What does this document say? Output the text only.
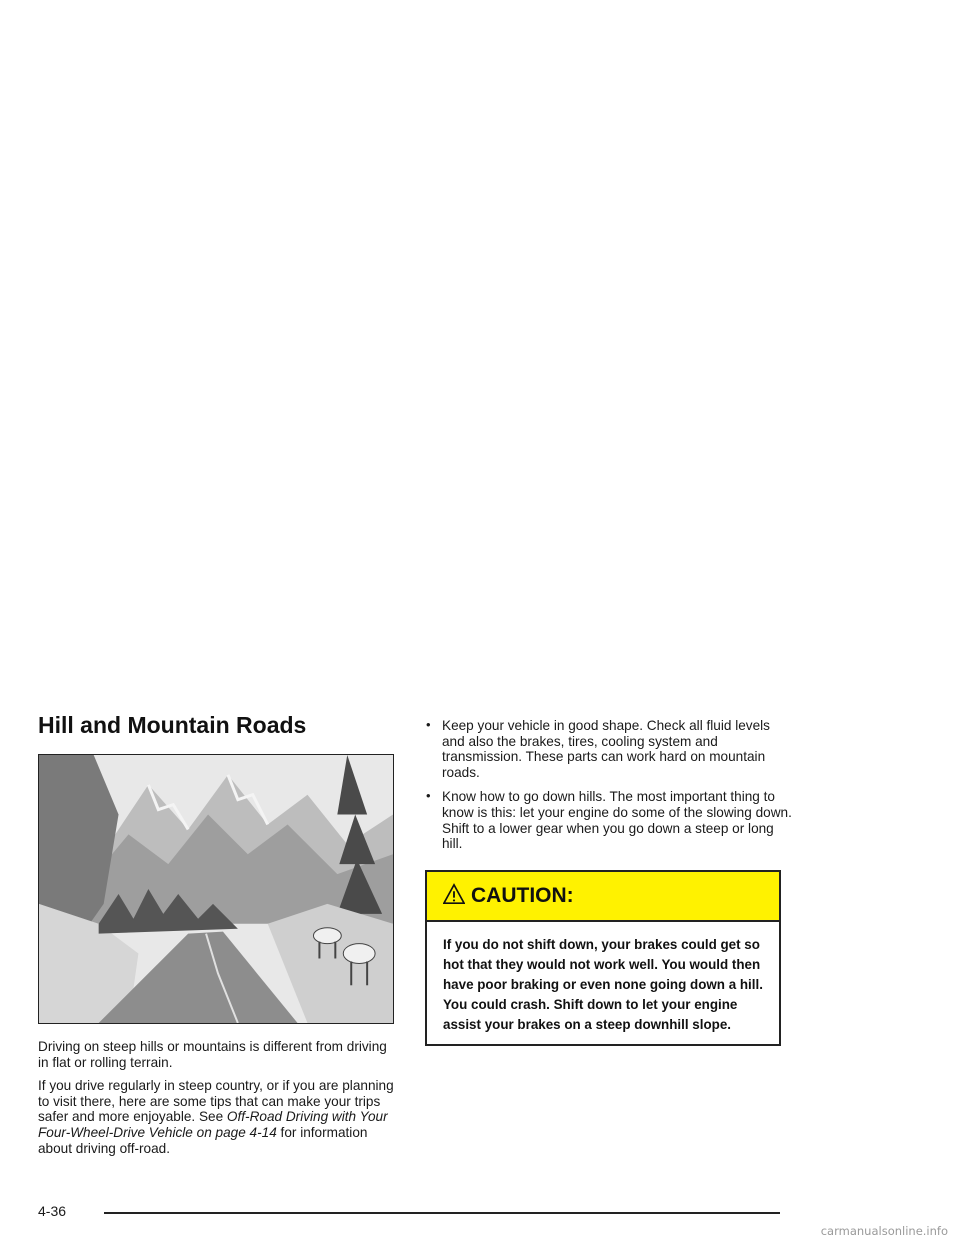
Hill and Mountain Roads

Driving on steep hills or mountains is different from driving in flat or rolling terrain.

If you drive regularly in steep country, or if you are planning to visit there, here are some tips that can make your trips safer and more enjoyable. See Off-Road Driving with Your Four-Wheel-Drive Vehicle on page 4-14 for information about driving off-road.

• Keep your vehicle in good shape. Check all fluid levels and also the brakes, tires, cooling system and transmission. These parts can work hard on mountain roads.
• Know how to go down hills. The most important thing to know is this: let your engine do some of the slowing down. Shift to a lower gear when you go down a steep or long hill.
CAUTION:
If you do not shift down, your brakes could get so hot that they would not work well. You would then have poor braking or even none going down a hill. You could crash. Shift down to let your engine assist your brakes on a steep downhill slope.
4-36
carmanualsonline.info
